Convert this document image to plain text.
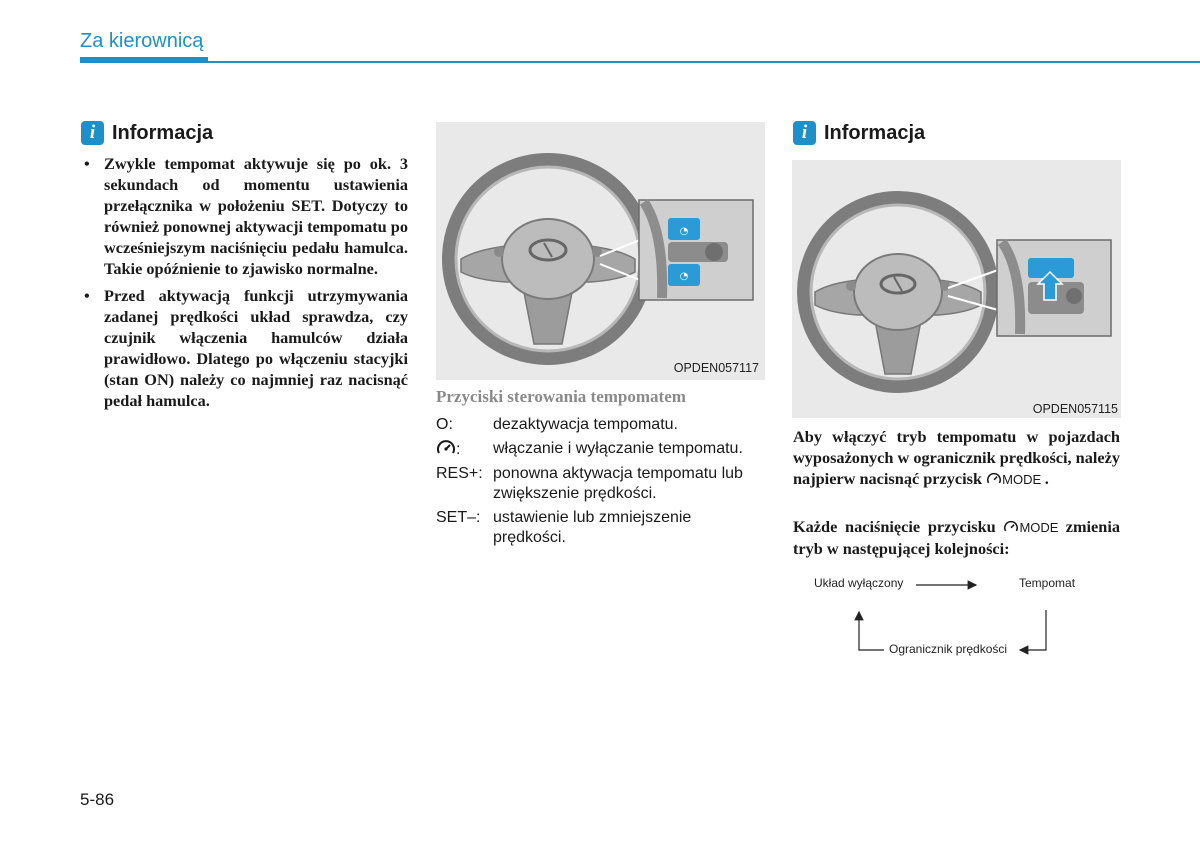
Za kierownicą
i Informacja
• Zwykle tempomat aktywuje się po ok. 3 sekundach od momentu ustawienia przełącznika w położeniu SET. Dotyczy to również ponownej aktywacji tempomatu po wcześniejszym naciśnięciu pedału hamulca. Takie opóźnienie to zjawisko normalne.
• Przed aktywacją funkcji utrzymywania zadanej prędkości układ sprawdza, czy czujnik włączenia hamulców działa prawidłowo. Dlatego po włączeniu stacyjki (stan ON) należy co najmniej raz nacisnąć pedał hamulca.
◔
◔
OPDEN057117
Przyciski sterowania tempomatem
O:	dezaktywacja tempomatu.
:	włączanie i wyłączanie tempomatu.
RES+: ponowna aktywacja tempomatu lub zwiększenie prędkości.
SET–: ustawienie lub zmniejszenie prędkości.
i Informacja
OPDEN057115
Aby włączyć tryb tempomatu w pojazdach wyposażonych w ogranicznik prędkości, należy najpierw nacisnąć przycisk MODE .
Każde naciśnięcie przycisku MODE zmienia tryb w następującej kolejności:
Układ wyłączony	Tempomat
Ogranicznik prędkości
5-86
